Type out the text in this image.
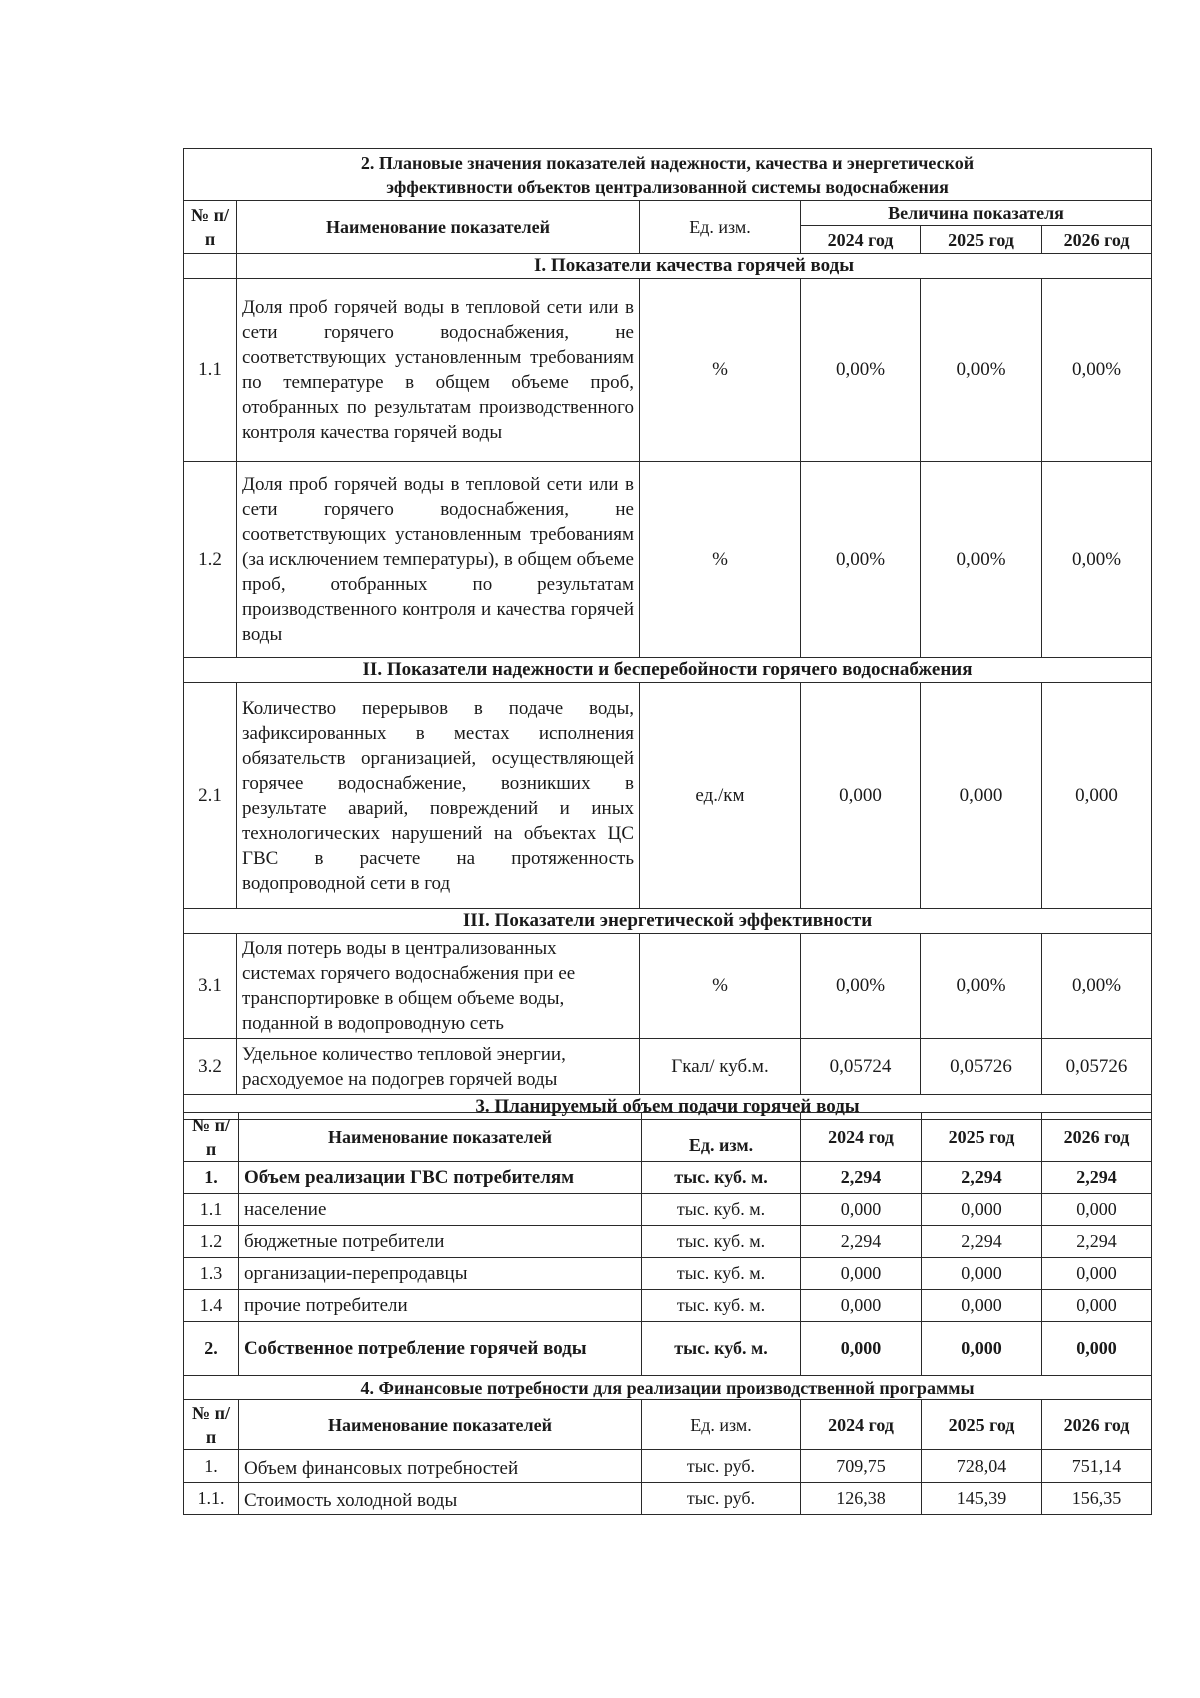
2. Плановые значения показателей надежности, качества и энергетической эффективности объектов централизованной системы водоснабжения					
№ п/п	Наименование показателей	Ед. изм.	Величина показателя		
			2024 год	2025 год	2026 год
	I. Показатели качества горячей воды				
1.1	Доля проб горячей воды в тепловой сети или в сети горячего водоснабжения, не соответствующих установленным требованиям по температуре в общем объеме проб, отобранных по результатам производственного контроля качества горячей воды	%	0,00%	0,00%	0,00%
1.2	Доля проб горячей воды в тепловой сети или в сети горячего водоснабжения, не соответствующих установленным требованиям (за исключением температуры), в общем объеме проб, отобранных по результатам производственного контроля и качества горячей воды	%	0,00%	0,00%	0,00%
II. Показатели надежности и бесперебойности горячего водоснабжения					
2.1	Количество перерывов в подаче воды, зафиксированных в местах исполнения обязательств организацией, осуществляющей горячее водоснабжение, возникших в результате аварий, повреждений и иных технологических нарушений на объектах ЦС ГВС в расчете на протяженность водопроводной сети в год	ед./км	0,000	0,000	0,000
III. Показатели энергетической эффективности					
3.1	Доля потерь воды в централизованных системах горячего водоснабжения при ее транспортировке в общем объеме воды, поданной в водопроводную сеть	%	0,00%	0,00%	0,00%
3.2	Удельное количество тепловой энергии, расходуемое на подогрев горячей воды	Гкал/ куб.м.	0,05724	0,05726	0,05726
3. Планируемый объем подачи горячей воды					
№ п/п	Наименование показателей	Ед. изм.	2024 год	2025 год	2026 год
1.	Объем реализации ГВС потребителям	тыс. куб. м.	2,294	2,294	2,294
1.1	население	тыс. куб. м.	0,000	0,000	0,000
1.2	бюджетные потребители	тыс. куб. м.	2,294	2,294	2,294
1.3	организации-перепродавцы	тыс. куб. м.	0,000	0,000	0,000
1.4	прочие потребители	тыс. куб. м.	0,000	0,000	0,000
2.	Собственное потребление горячей воды	тыс. куб. м.	0,000	0,000	0,000
4. Финансовые потребности для реализации производственной программы					
№ п/п	Наименование показателей	Ед. изм.	2024 год	2025 год	2026 год
1.	Объем финансовых потребностей	тыс. руб.	709,75	728,04	751,14
1.1.	Стоимость холодной воды	тыс. руб.	126,38	145,39	156,35
